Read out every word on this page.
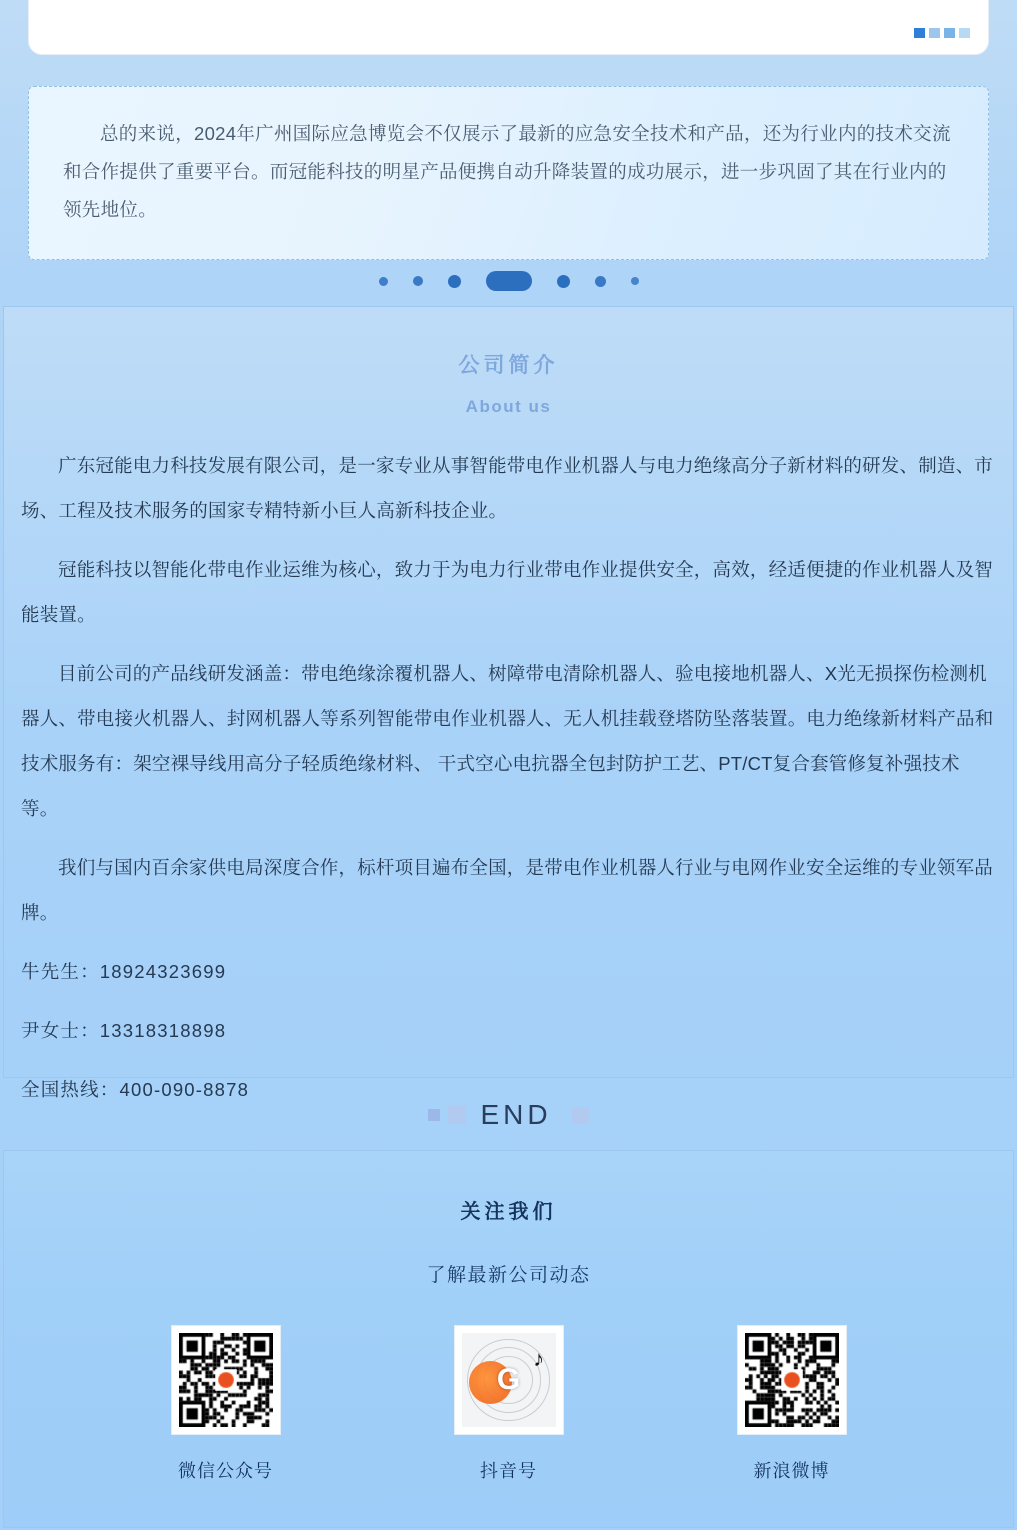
总的来说，2024年广州国际应急博览会不仅展示了最新的应急安全技术和产品，还为行业内的技术交流和合作提供了重要平台。而冠能科技的明星产品便携自动升降装置的成功展示，进一步巩固了其在行业内的领先地位。

公司简介
About us

广东冠能电力科技发展有限公司，是一家专业从事智能带电作业机器人与电力绝缘高分子新材料的研发、制造、市场、工程及技术服务的国家专精特新小巨人高新科技企业。

冠能科技以智能化带电作业运维为核心，致力于为电力行业带电作业提供安全，高效，经适便捷的作业机器人及智能装置。

目前公司的产品线研发涵盖：带电绝缘涂覆机器人、树障带电清除机器人、验电接地机器人、X光无损探伤检测机器人、带电接火机器人、封网机器人等系列智能带电作业机器人、无人机挂载登塔防坠落装置。电力绝缘新材料产品和技术服务有：架空裸导线用高分子轻质绝缘材料、 干式空心电抗器全包封防护工艺、PT/CT复合套管修复补强技术等。

我们与国内百余家供电局深度合作，标杆项目遍布全国，是带电作业机器人行业与电网作业安全运维的专业领军品牌。

牛先生：18924323699
尹女士：13318318898
全国热线：400-090-8878
END
关注我们
了解最新公司动态
微信公众号
♪
G
抖音号	新浪微博
